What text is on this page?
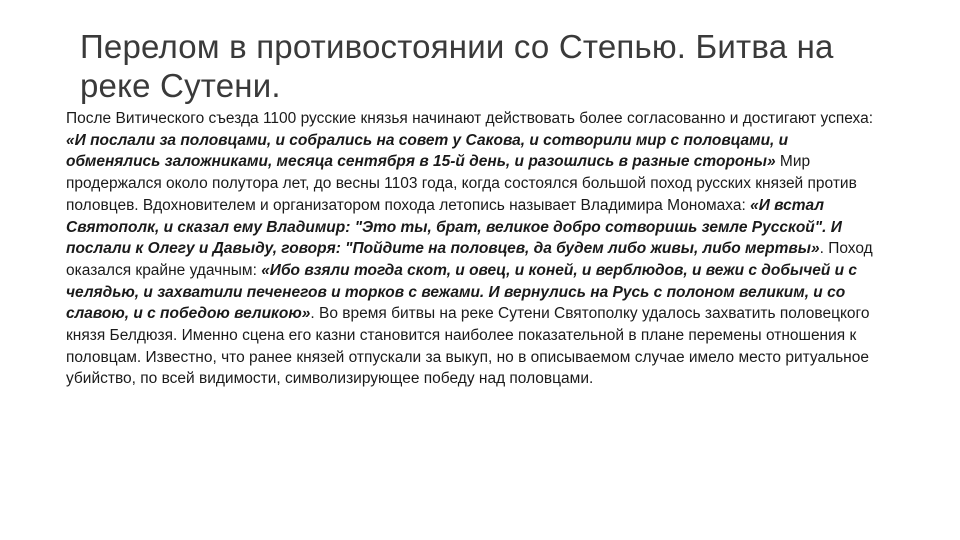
Перелом в противостоянии со Степью. Битва на реке Сутени.

После Витического съезда 1100 русские князья начинают действовать более согласованно и достигают успеха: «И послали за половцами, и собрались на совет у Сакова, и сотворили мир с половцами, и обменялись заложниками, месяца сентября в 15-й день, и разошлись в разные стороны» Мир продержался около полутора лет, до весны 1103 года, когда состоялся большой поход русских князей против половцев. Вдохновителем и организатором похода летопись называет Владимира Мономаха: «И встал Святополк, и сказал ему Владимир: "Это ты, брат, великое добро сотворишь земле Русской". И послали к Олегу и Давыду, говоря: "Пойдите на половцев, да будем либо живы, либо мертвы». Поход оказался крайне удачным: «Ибо взяли тогда скот, и овец, и коней, и верблюдов, и вежи с добычей и с челядью, и захватили печенегов и торков с вежами. И вернулись на Русь с полоном великим, и со славою, и с победою великою». Во время битвы на реке Сутени Святополку удалось захватить половецкого князя Белдюзя. Именно сцена его казни становится наиболее показательной в плане перемены отношения к половцам. Известно, что ранее князей отпускали за выкуп, но в описываемом случае имело место ритуальное убийство, по всей видимости, символизирующее победу над половцами.
